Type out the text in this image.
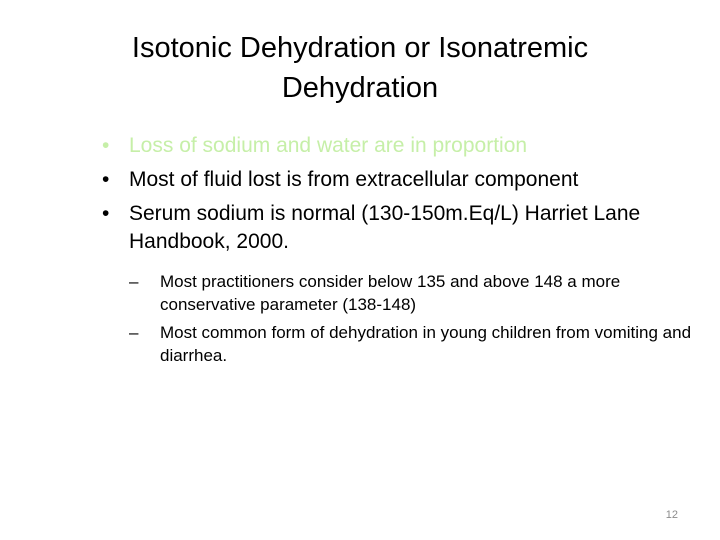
Isotonic Dehydration or Isonatremic
Dehydration
• Loss of sodium and water are in proportion
• Most of fluid lost is from extracellular component
• Serum sodium is normal (130-150m.Eq/L) Harriet Lane Handbook, 2000.
–	Most practitioners consider below 135 and above 148 a more conservative parameter (138-148)
–	Most common form of dehydration in young children from vomiting and diarrhea.
12
